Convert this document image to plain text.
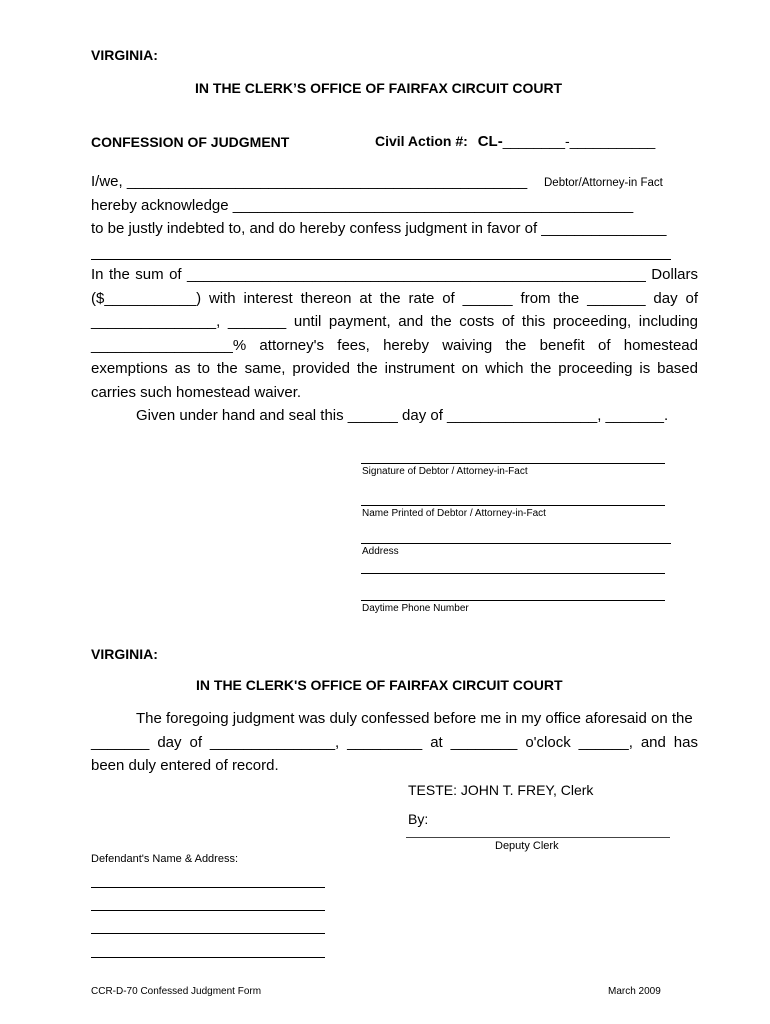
VIRGINIA:
IN THE CLERK’S OFFICE OF FAIRFAX CIRCUIT COURT
CONFESSION OF JUDGMENT	Civil Action #: CL-________-___________
I/we, ________________________________________________ Debtor/Attorney-in Fact
hereby acknowledge ________________________________________________
to be justly indebted to, and do hereby confess judgment in favor of _______________
In the sum of _______________________________________________________ Dollars
($___________) with interest thereon at the rate of ______ from the _______ day of
_______________, _______ until payment, and the costs of this proceeding, including
_________________% attorney's fees, hereby waiving the benefit of homestead
exemptions as to the same, provided the instrument on which the proceeding is based
carries such homestead waiver.
Given under hand and seal this ______ day of __________________, _______.
Signature of Debtor / Attorney-in-Fact
Name Printed of Debtor / Attorney-in-Fact
Address
Daytime Phone Number
VIRGINIA:
IN THE CLERK'S OFFICE OF FAIRFAX CIRCUIT COURT
The foregoing judgment was duly confessed before me in my office aforesaid on the
_______ day of _______________, _________ at ________ o'clock ______, and has
been duly entered of record.
TESTE: JOHN T. FREY, Clerk
By:
Deputy Clerk
Defendant's Name & Address:
CCR-D-70 Confessed Judgment Form	March 2009
